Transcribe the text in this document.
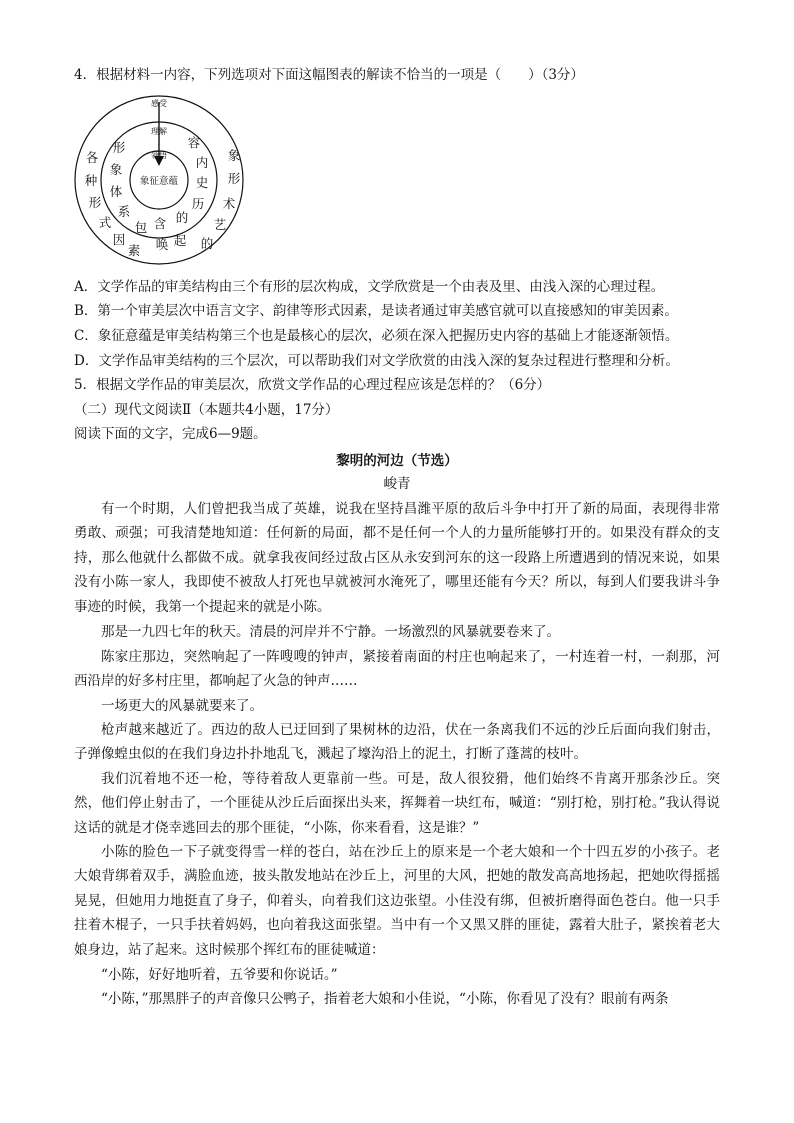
4．根据材料一内容，下列选项对下面这幅图表的解读不恰当的一项是（　　）（3分）
感受
理解
领悟
象征意蕴
各
种
形
式
因
素
象
形
术
艺
的
形
象
体
系
包 含
唤 起
的
历
史
内
容
A．文学作品的审美结构由三个有形的层次构成，文学欣赏是一个由表及里、由浅入深的心理过程。
B．第一个审美层次中语言文字、韵律等形式因素，是读者通过审美感官就可以直接感知的审美因素。
C．象征意蕴是审美结构第三个也是最核心的层次，必须在深入把握历史内容的基础上才能逐渐领悟。
D．文学作品审美结构的三个层次，可以帮助我们对文学欣赏的由浅入深的复杂过程进行整理和分析。
5．根据文学作品的审美层次，欣赏文学作品的心理过程应该是怎样的？（6分）
（二）现代文阅读Ⅱ（本题共4小题，17分）
阅读下面的文字，完成6—9题。
黎明的河边（节选）
峻青
有一个时期，人们曾把我当成了英雄，说我在坚持昌潍平原的敌后斗争中打开了新的局面，表现得非常勇敢、顽强；可我清楚地知道：任何新的局面，都不是任何一个人的力量所能够打开的。如果没有群众的支持，那么他就什么都做不成。就拿我夜间经过敌占区从永安到河东的这一段路上所遭遇到的情况来说，如果没有小陈一家人，我即使不被敌人打死也早就被河水淹死了，哪里还能有今天？所以，每到人们要我讲斗争事迹的时候，我第一个提起来的就是小陈。
那是一九四七年的秋天。清晨的河岸并不宁静。一场激烈的风暴就要卷来了。
陈家庄那边，突然响起了一阵嗖嗖的钟声，紧接着南面的村庄也响起来了，一村连着一村，一刹那，河西沿岸的好多村庄里，都响起了火急的钟声……
一场更大的风暴就要来了。
枪声越来越近了。西边的敌人已迂回到了果树林的边沿，伏在一条离我们不远的沙丘后面向我们射击，子弹像蝗虫似的在我们身边扑扑地乱飞，溅起了壕沟沿上的泥土，打断了蓬蒿的枝叶。
我们沉着地不还一枪，等待着敌人更靠前一些。可是，敌人很狡猾，他们始终不肯离开那条沙丘。突然，他们停止射击了，一个匪徒从沙丘后面探出头来，挥舞着一块红布，喊道：“别打枪，别打枪。”我认得说这话的就是才侥幸逃回去的那个匪徒，“小陈，你来看看，这是谁？”
小陈的脸色一下子就变得雪一样的苍白，站在沙丘上的原来是一个老大娘和一个十四五岁的小孩子。老大娘背绑着双手，满脸血迹，披头散发地站在沙丘上，河里的大风，把她的散发高高地扬起，把她吹得摇摇晃晃，但她用力地挺直了身子，仰着头，向着我们这边张望。小佳没有绑，但被折磨得面色苍白。他一只手拄着木棍子，一只手扶着妈妈，也向着我这面张望。当中有一个又黑又胖的匪徒，露着大肚子，紧挨着老大娘身边，站了起来。这时候那个挥红布的匪徒喊道：
“小陈，好好地听着，五爷要和你说话。”
“小陈，”那黑胖子的声音像只公鸭子，指着老大娘和小佳说，“小陈，你看见了没有？眼前有两条
